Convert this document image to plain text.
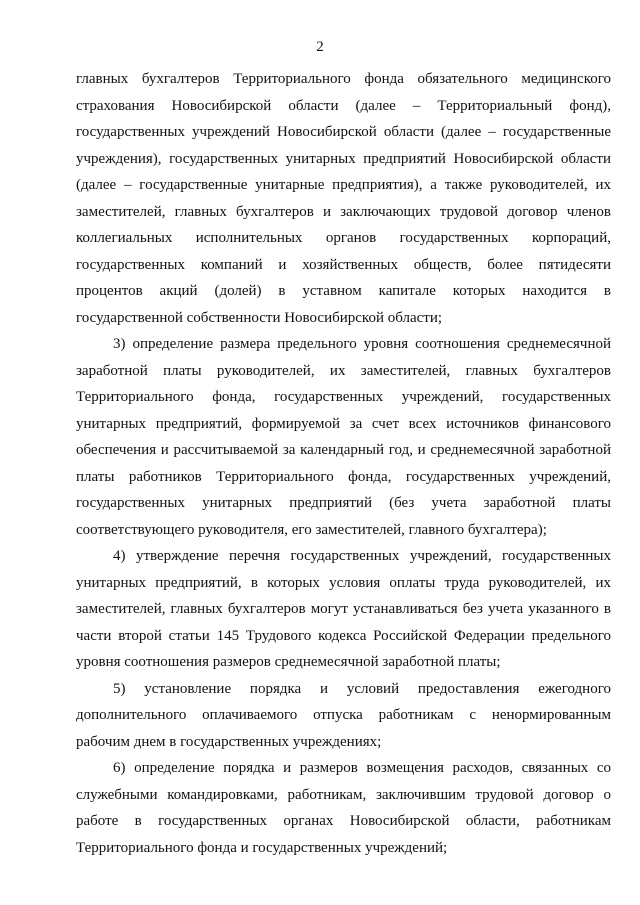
2
главных бухгалтеров Территориального фонда обязательного медицинского
страхования Новосибирской области (далее – Территориальный фонд),
государственных учреждений Новосибирской области (далее – государственные
учреждения), государственных унитарных предприятий Новосибирской области
(далее – государственные унитарные предприятия), а также руководителей, их
заместителей, главных бухгалтеров и заключающих трудовой договор членов
коллегиальных исполнительных органов государственных корпораций,
государственных компаний и хозяйственных обществ, более пятидесяти
процентов акций (долей) в уставном капитале которых находится в
государственной собственности Новосибирской области;
3) определение размера предельного уровня соотношения среднемесячной
заработной платы руководителей, их заместителей, главных бухгалтеров
Территориального фонда, государственных учреждений, государственных
унитарных предприятий, формируемой за счет всех источников финансового
обеспечения и рассчитываемой за календарный год, и среднемесячной заработной
платы работников Территориального фонда, государственных учреждений,
государственных унитарных предприятий (без учета заработной платы
соответствующего руководителя, его заместителей, главного бухгалтера);
4) утверждение перечня государственных учреждений, государственных
унитарных предприятий, в которых условия оплаты труда руководителей, их
заместителей, главных бухгалтеров могут устанавливаться без учета указанного в
части второй статьи 145 Трудового кодекса Российской Федерации предельного
уровня соотношения размеров среднемесячной заработной платы;
5) установление порядка и условий предоставления ежегодного
дополнительного оплачиваемого отпуска работникам с ненормированным
рабочим днем в государственных учреждениях;
6) определение порядка и размеров возмещения расходов, связанных со
служебными командировками, работникам, заключившим трудовой договор о
работе в государственных органах Новосибирской области, работникам
Территориального фонда и государственных учреждений;
